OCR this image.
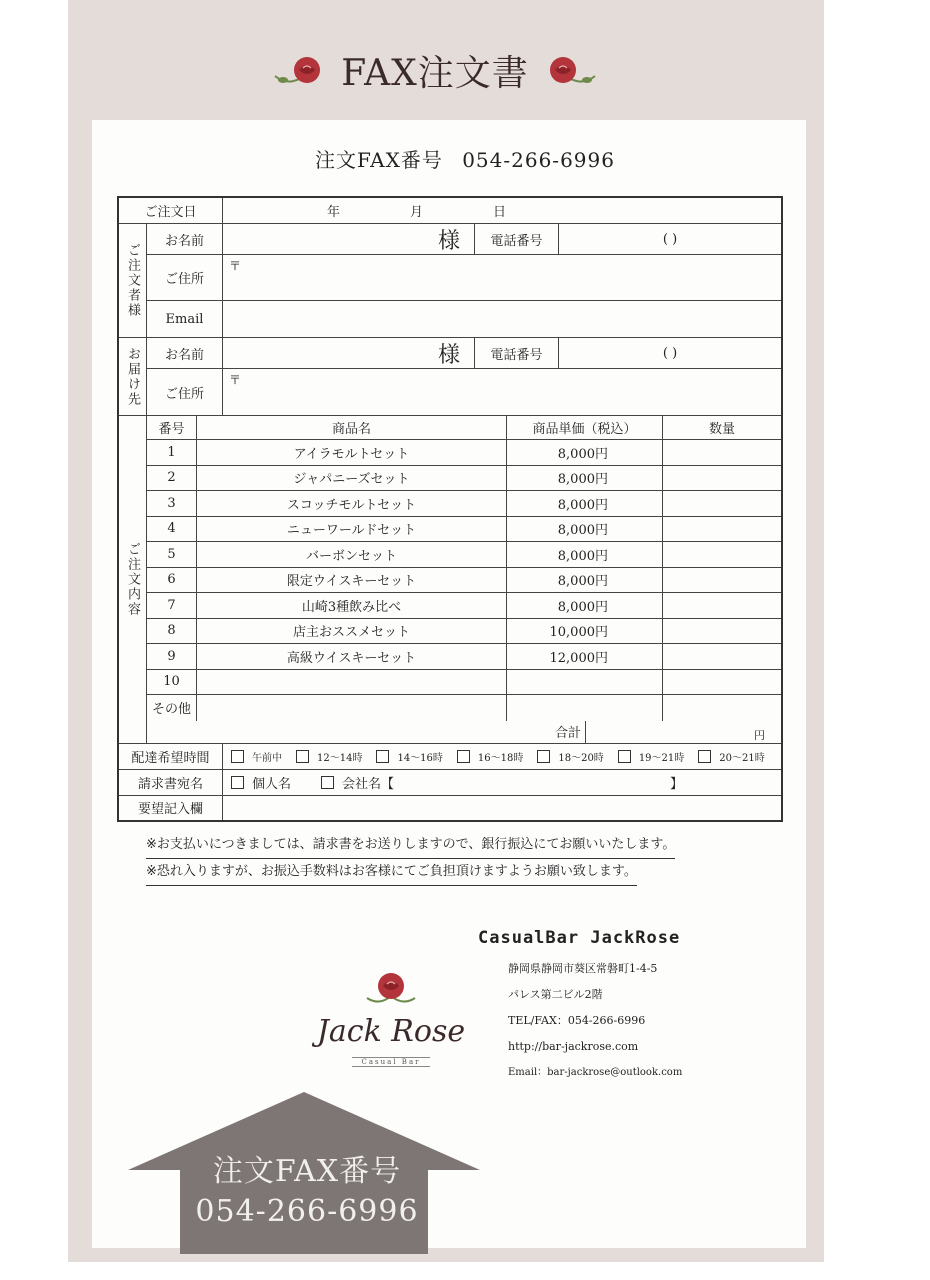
FAX注文書
注文FAX番号 054-266-6996
ご注文日	年	月	日
ご注文者様
お名前	様	電話番号	( )
ご住所
〒
Email
お届け先	お名前	様	電話番号	( )
ご住所
〒
ご注文内容
番号	商品名	商品単価（税込）	数量
1	アイラモルトセット	8,000円
2	ジャパニーズセット	8,000円
3	スコッチモルトセット	8,000円
4	ニューワールドセット	8,000円
5	バーボンセット	8,000円
6	限定ウイスキーセット	8,000円
7	山崎3種飲み比べ	8,000円
8	店主おススメセット	10,000円
9	高級ウイスキーセット	12,000円
10
その他
合計	円
配達希望時間	午前中	12～14時	14～16時	16～18時	18～20時	19～21時	20～21時
請求書宛名	個人名	会社名【	】
要望記入欄
※お支払いにつきましては、請求書をお送りしますので、銀行振込にてお願いいたします。
※恐れ入りますが、お振込手数料はお客様にてご負担頂けますようお願い致します。
Jack Rose
Casual Bar
CasualBar JackRose
静岡県静岡市葵区常磐町1-4-5
パレス第二ビル2階
TEL/FAX：054-266-6996
http://bar-jackrose.com
Email：bar-jackrose@outlook.com
注文FAX番号
054-266-6996
